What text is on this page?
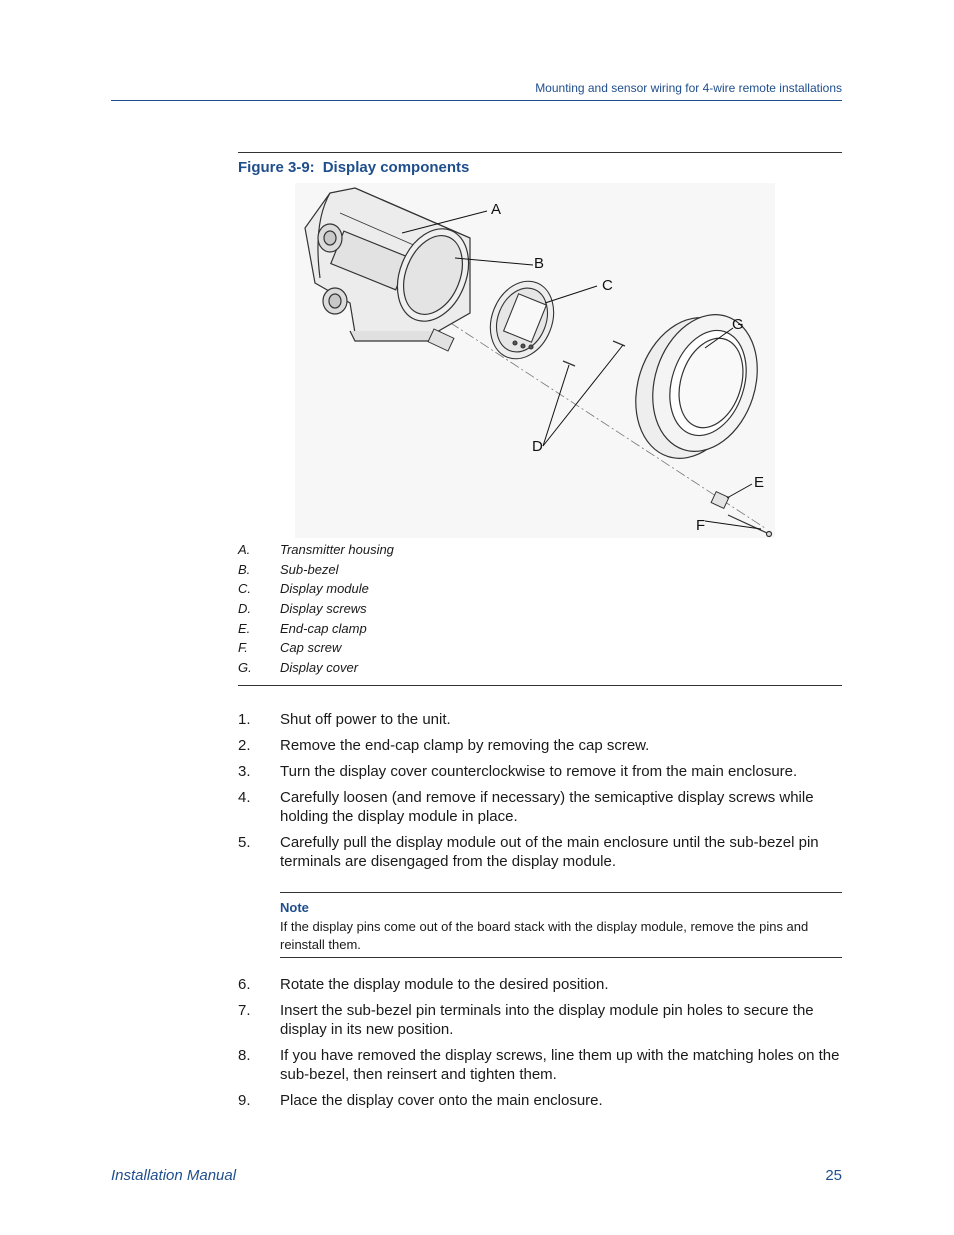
Mounting and sensor wiring for 4-wire remote installations
Figure 3-9: Display components
A
B
C
G
D
E
F
A. Transmitter housing
B. Sub-bezel
C. Display module
D. Display screws
E. End-cap clamp
F. Cap screw
G. Display cover
1. Shut off power to the unit.
2. Remove the end-cap clamp by removing the cap screw.
3. Turn the display cover counterclockwise to remove it from the main enclosure.
4. Carefully loosen (and remove if necessary) the semicaptive display screws while holding the display module in place.
5. Carefully pull the display module out of the main enclosure until the sub-bezel pin terminals are disengaged from the display module.
Note
If the display pins come out of the board stack with the display module, remove the pins and reinstall them.
6. Rotate the display module to the desired position.
7. Insert the sub-bezel pin terminals into the display module pin holes to secure the display in its new position.
8. If you have removed the display screws, line them up with the matching holes on the sub-bezel, then reinsert and tighten them.
9. Place the display cover onto the main enclosure.
Installation Manual	25
